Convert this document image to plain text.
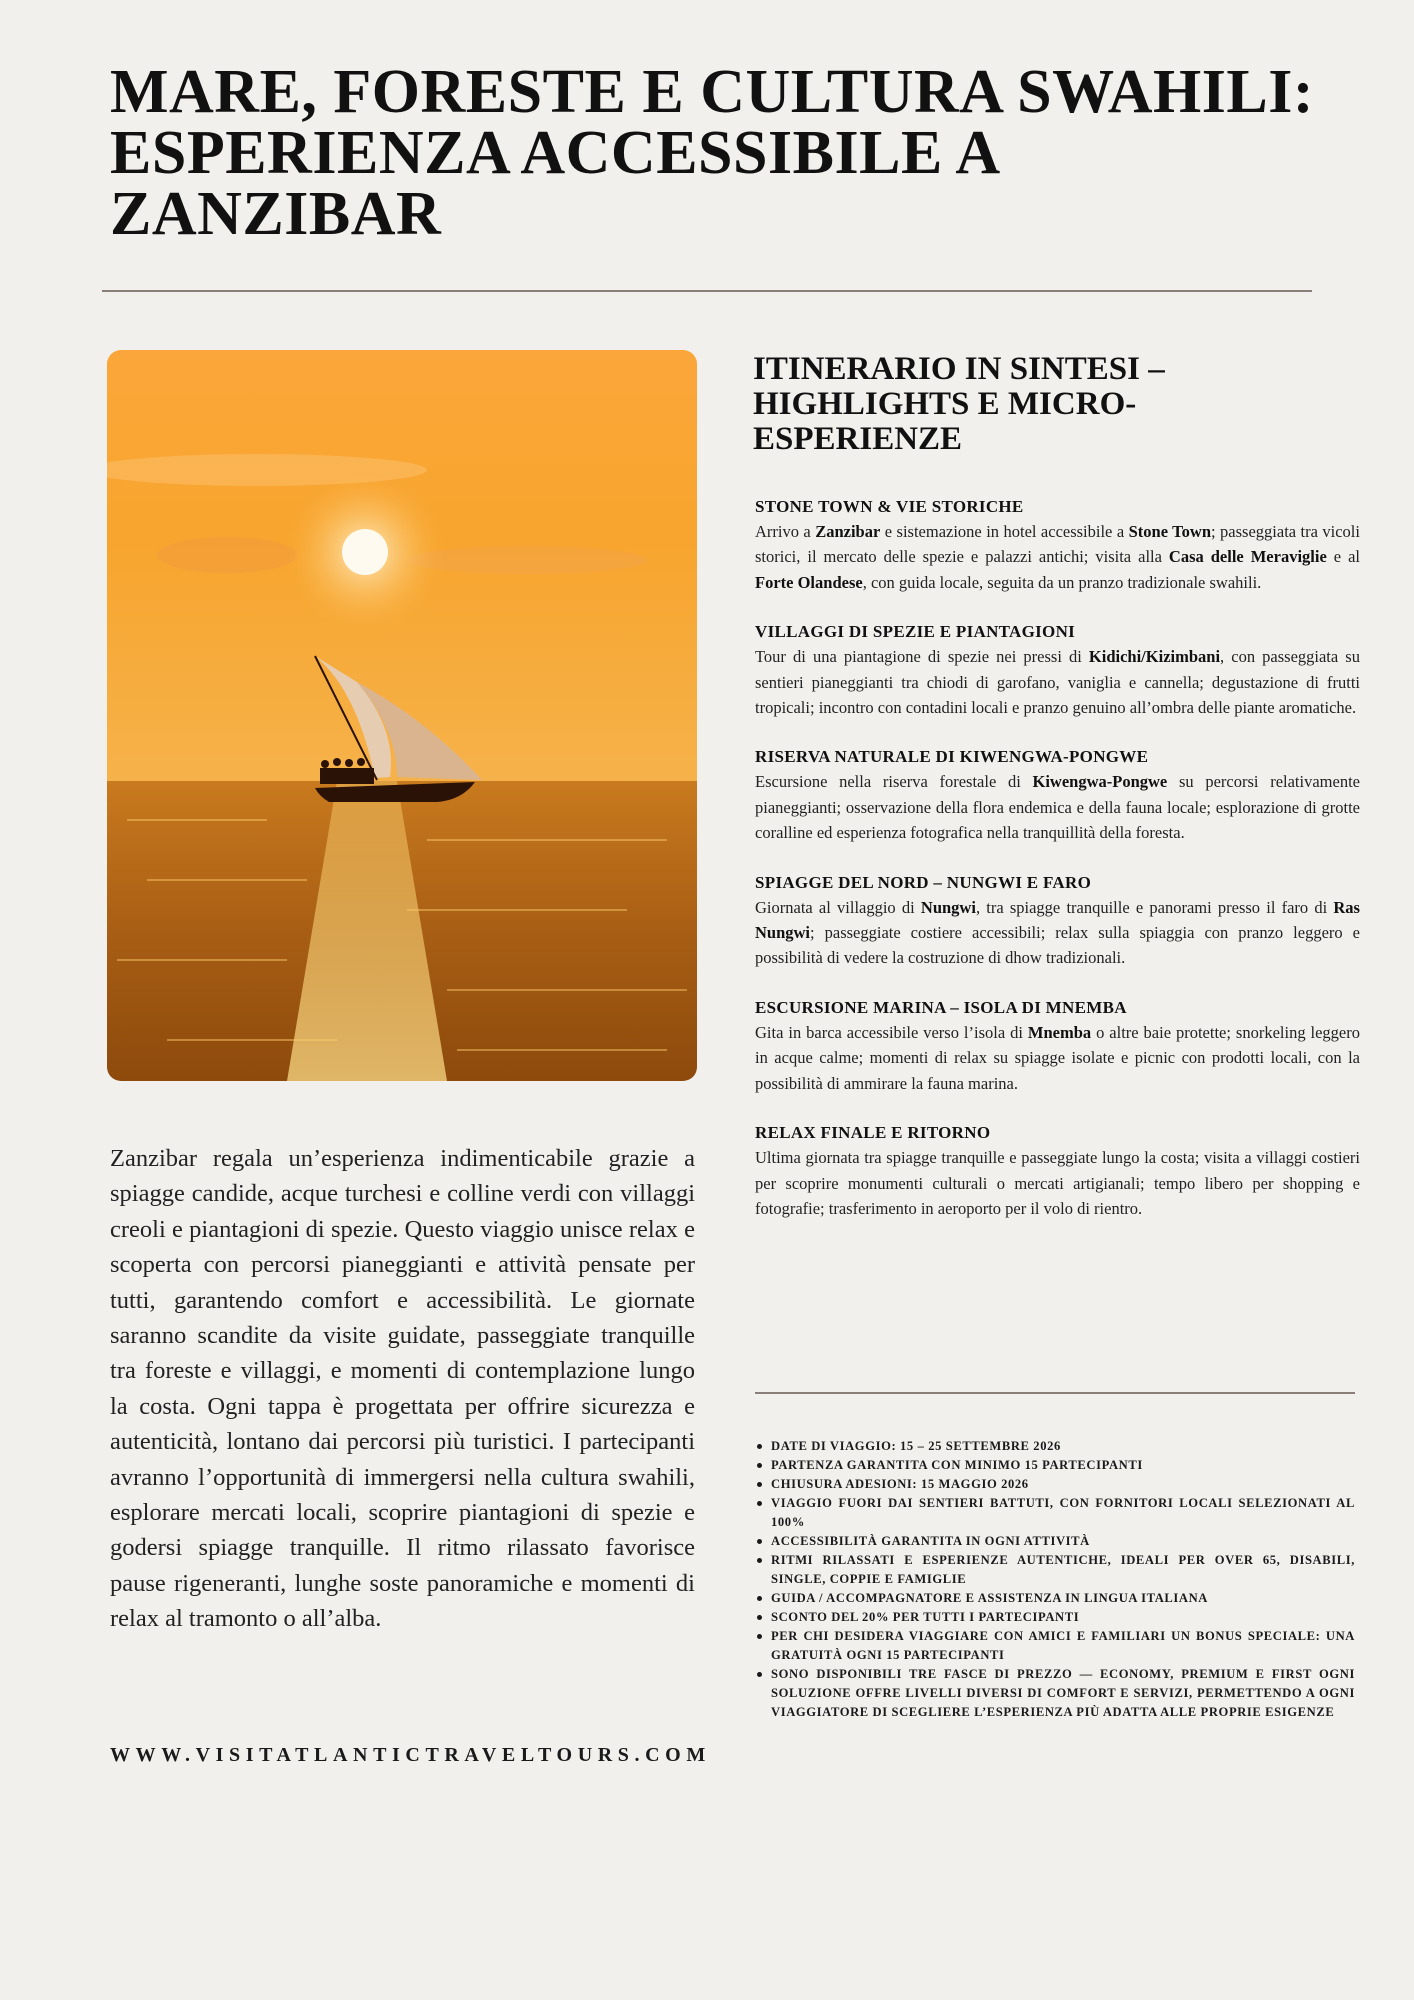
MARE, FORESTE E CULTURA SWAHILI: ESPERIENZA ACCESSIBILE A ZANZIBAR

Zanzibar regala un’esperienza indimenticabile grazie a spiagge candide, acque turchesi e colline verdi con villaggi creoli e piantagioni di spezie. Questo viaggio unisce relax e scoperta con percorsi pianeggianti e attività pensate per tutti, garantendo comfort e accessibilità. Le giornate saranno scandite da visite guidate, passeggiate tranquille tra foreste e villaggi, e momenti di contemplazione lungo la costa. Ogni tappa è progettata per offrire sicurezza e autenticità, lontano dai percorsi più turistici. I partecipanti avranno l’opportunità di immergersi nella cultura swahili, esplorare mercati locali, scoprire piantagioni di spezie e godersi spiagge tranquille. Il ritmo rilassato favorisce pause rigeneranti, lunghe soste panoramiche e momenti di relax al tramonto o all’alba.

WWW.VISITATLANTICTRAVELTOURS.COM
ITINERARIO IN SINTESI – HIGHLIGHTS E MICRO-ESPERIENZE
STONE TOWN & VIE STORICHE

Arrivo a Zanzibar e sistemazione in hotel accessibile a Stone Town; passeggiata tra vicoli storici, il mercato delle spezie e palazzi antichi; visita alla Casa delle Meraviglie e al Forte Olandese, con guida locale, seguita da un pranzo tradizionale swahili.

VILLAGGI DI SPEZIE E PIANTAGIONI

Tour di una piantagione di spezie nei pressi di Kidichi/Kizimbani, con passeggiata su sentieri pianeggianti tra chiodi di garofano, vaniglia e cannella; degustazione di frutti tropicali; incontro con contadini locali e pranzo genuino all’ombra delle piante aromatiche.

RISERVA NATURALE DI KIWENGWA-PONGWE

Escursione nella riserva forestale di Kiwengwa-Pongwe su percorsi relativamente pianeggianti; osservazione della flora endemica e della fauna locale; esplorazione di grotte coralline ed esperienza fotografica nella tranquillità della foresta.

SPIAGGE DEL NORD – NUNGWI E FARO

Giornata al villaggio di Nungwi, tra spiagge tranquille e panorami presso il faro di Ras Nungwi; passeggiate costiere accessibili; relax sulla spiaggia con pranzo leggero e possibilità di vedere la costruzione di dhow tradizionali.

ESCURSIONE MARINA – ISOLA DI MNEMBA

Gita in barca accessibile verso l’isola di Mnemba o altre baie protette; snorkeling leggero in acque calme; momenti di relax su spiagge isolate e picnic con prodotti locali, con la possibilità di ammirare la fauna marina.

RELAX FINALE E RITORNO

Ultima giornata tra spiagge tranquille e passeggiate lungo la costa; visita a villaggi costieri per scoprire monumenti culturali o mercati artigianali; tempo libero per shopping e fotografie; trasferimento in aeroporto per il volo di rientro.

DATE DI VIAGGIO: 15 – 25 SETTEMBRE 2026
PARTENZA GARANTITA CON MINIMO 15 PARTECIPANTI
CHIUSURA ADESIONI: 15 MAGGIO 2026
VIAGGIO FUORI DAI SENTIERI BATTUTI, CON FORNITORI LOCALI SELEZIONATI AL 100%
ACCESSIBILITÀ GARANTITA IN OGNI ATTIVITÀ
RITMI RILASSATI E ESPERIENZE AUTENTICHE, IDEALI PER OVER 65, DISABILI, SINGLE, COPPIE E FAMIGLIE
GUIDA / ACCOMPAGNATORE E ASSISTENZA IN LINGUA ITALIANA
SCONTO DEL 20% PER TUTTI I PARTECIPANTI
PER CHI DESIDERA VIAGGIARE CON AMICI E FAMILIARI UN BONUS SPECIALE: UNA GRATUITÀ OGNI 15 PARTECIPANTI
SONO DISPONIBILI TRE FASCE DI PREZZO — ECONOMY, PREMIUM E FIRST OGNI SOLUZIONE OFFRE LIVELLI DIVERSI DI COMFORT E SERVIZI, PERMETTENDO A OGNI VIAGGIATORE DI SCEGLIERE L’ESPERIENZA PIÙ ADATTA ALLE PROPRIE ESIGENZE
